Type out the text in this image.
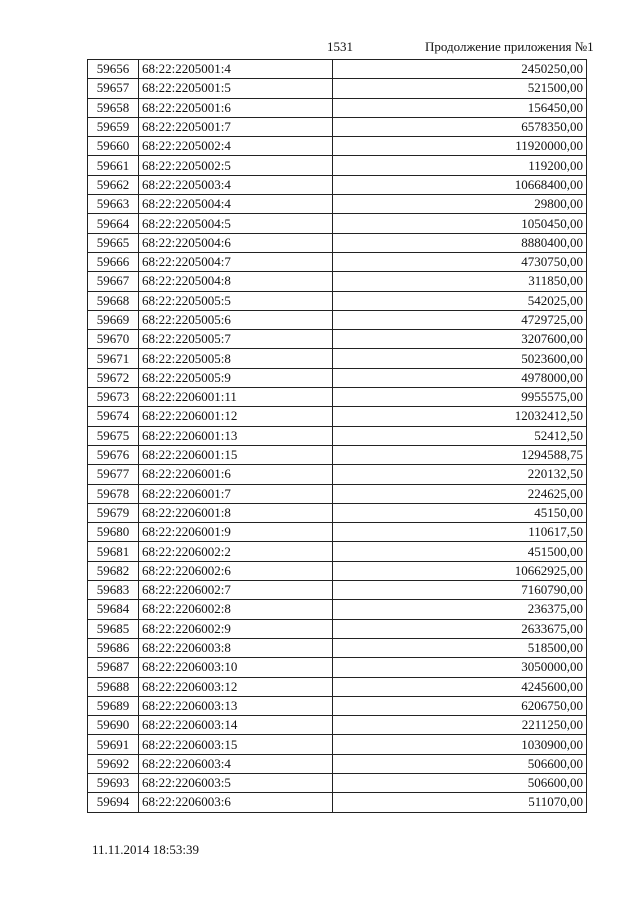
1531	Продолжение приложения №1
59656	68:22:2205001:4	2450250,00
59657	68:22:2205001:5	521500,00
59658	68:22:2205001:6	156450,00
59659	68:22:2205001:7	6578350,00
59660	68:22:2205002:4	11920000,00
59661	68:22:2205002:5	119200,00
59662	68:22:2205003:4	10668400,00
59663	68:22:2205004:4	29800,00
59664	68:22:2205004:5	1050450,00
59665	68:22:2205004:6	8880400,00
59666	68:22:2205004:7	4730750,00
59667	68:22:2205004:8	311850,00
59668	68:22:2205005:5	542025,00
59669	68:22:2205005:6	4729725,00
59670	68:22:2205005:7	3207600,00
59671	68:22:2205005:8	5023600,00
59672	68:22:2205005:9	4978000,00
59673	68:22:2206001:11	9955575,00
59674	68:22:2206001:12	12032412,50
59675	68:22:2206001:13	52412,50
59676	68:22:2206001:15	1294588,75
59677	68:22:2206001:6	220132,50
59678	68:22:2206001:7	224625,00
59679	68:22:2206001:8	45150,00
59680	68:22:2206001:9	110617,50
59681	68:22:2206002:2	451500,00
59682	68:22:2206002:6	10662925,00
59683	68:22:2206002:7	7160790,00
59684	68:22:2206002:8	236375,00
59685	68:22:2206002:9	2633675,00
59686	68:22:2206003:8	518500,00
59687	68:22:2206003:10	3050000,00
59688	68:22:2206003:12	4245600,00
59689	68:22:2206003:13	6206750,00
59690	68:22:2206003:14	2211250,00
59691	68:22:2206003:15	1030900,00
59692	68:22:2206003:4	506600,00
59693	68:22:2206003:5	506600,00
59694	68:22:2206003:6	511070,00
11.11.2014 18:53:39
